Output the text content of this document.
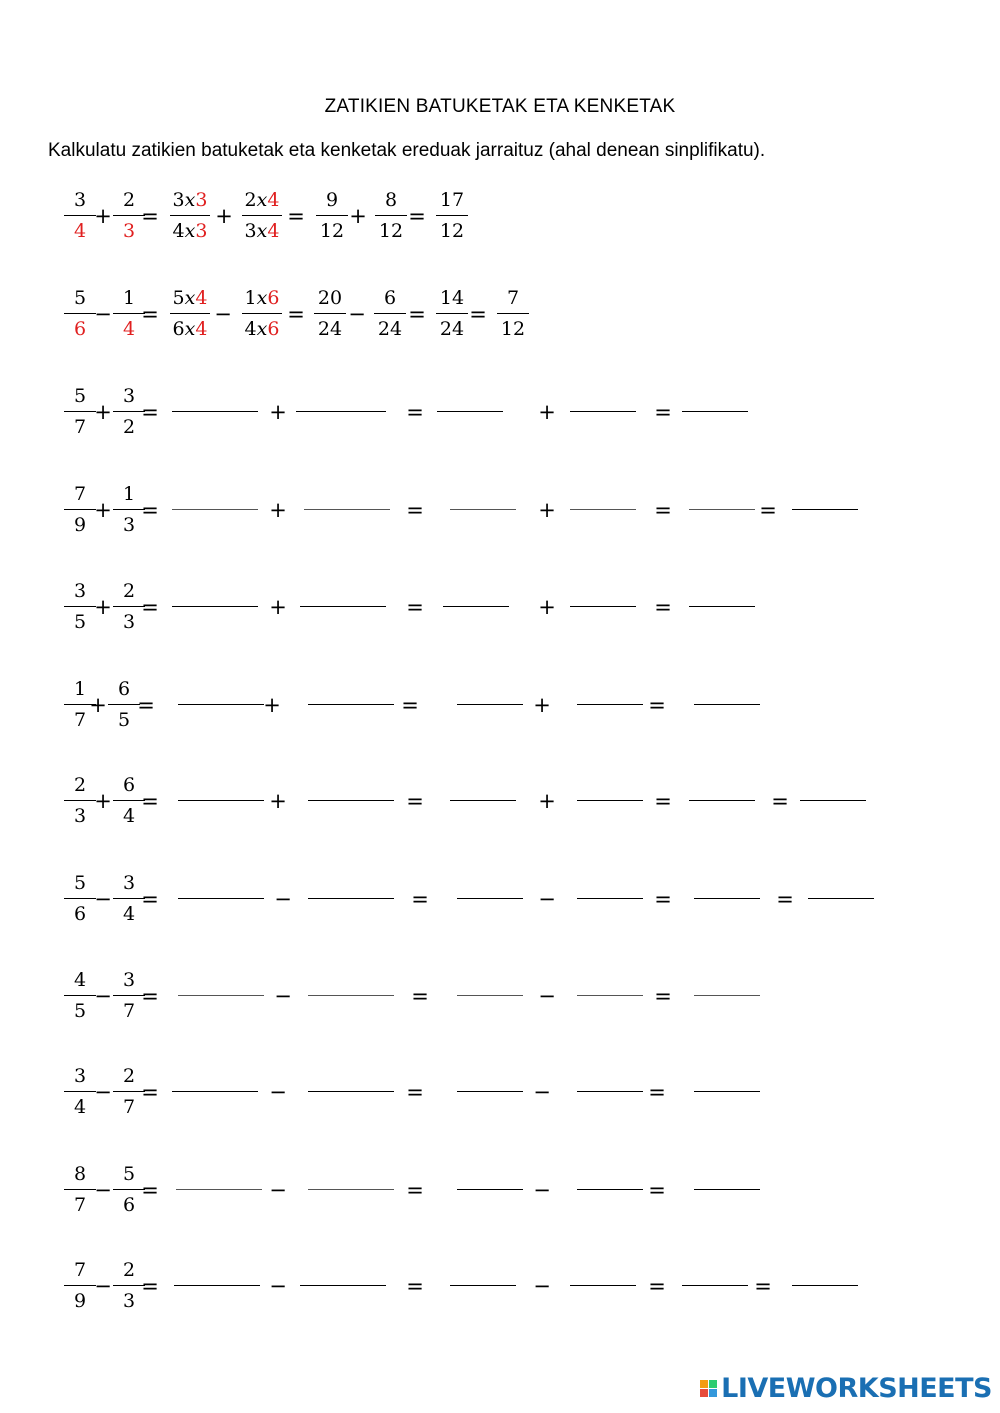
ZATIKIEN BATUKETAK ETA KENKETAK
Kalkulatu zatikien batuketak eta kenketak ereduak jarraituz (ahal denean sinplifikatu).
3
4
+
2
3
=
3x3
4x3
+
2x4
3x4
=
9
12
+
8
12
=
17
12
5
6
−
1
4
=
5x4
6x4
−
1x6
4x6
=
20
24
−
6
24
=
14
24
=
7
12
5
7
+
3
2
=	+	=	+	=
7
9
+
1
3
=	+	=	+	=	=
3
5
+
2
3
=	+	=	+	=
1
7
+
6
5
=	+	=	+	=
2
3
+
6
4
=	+	=	+	=	=
5
6
−
3
4
=	−	=	−	=	=
4
5
−
3
7
=	−	=	−	=
3
4
−
2
7
=	−	=	−	=
8
7
−
5
6
=	−	=	−	=
7
9
−
2
3
=	−	=	−	=	=
LIVEWORKSHEETS
